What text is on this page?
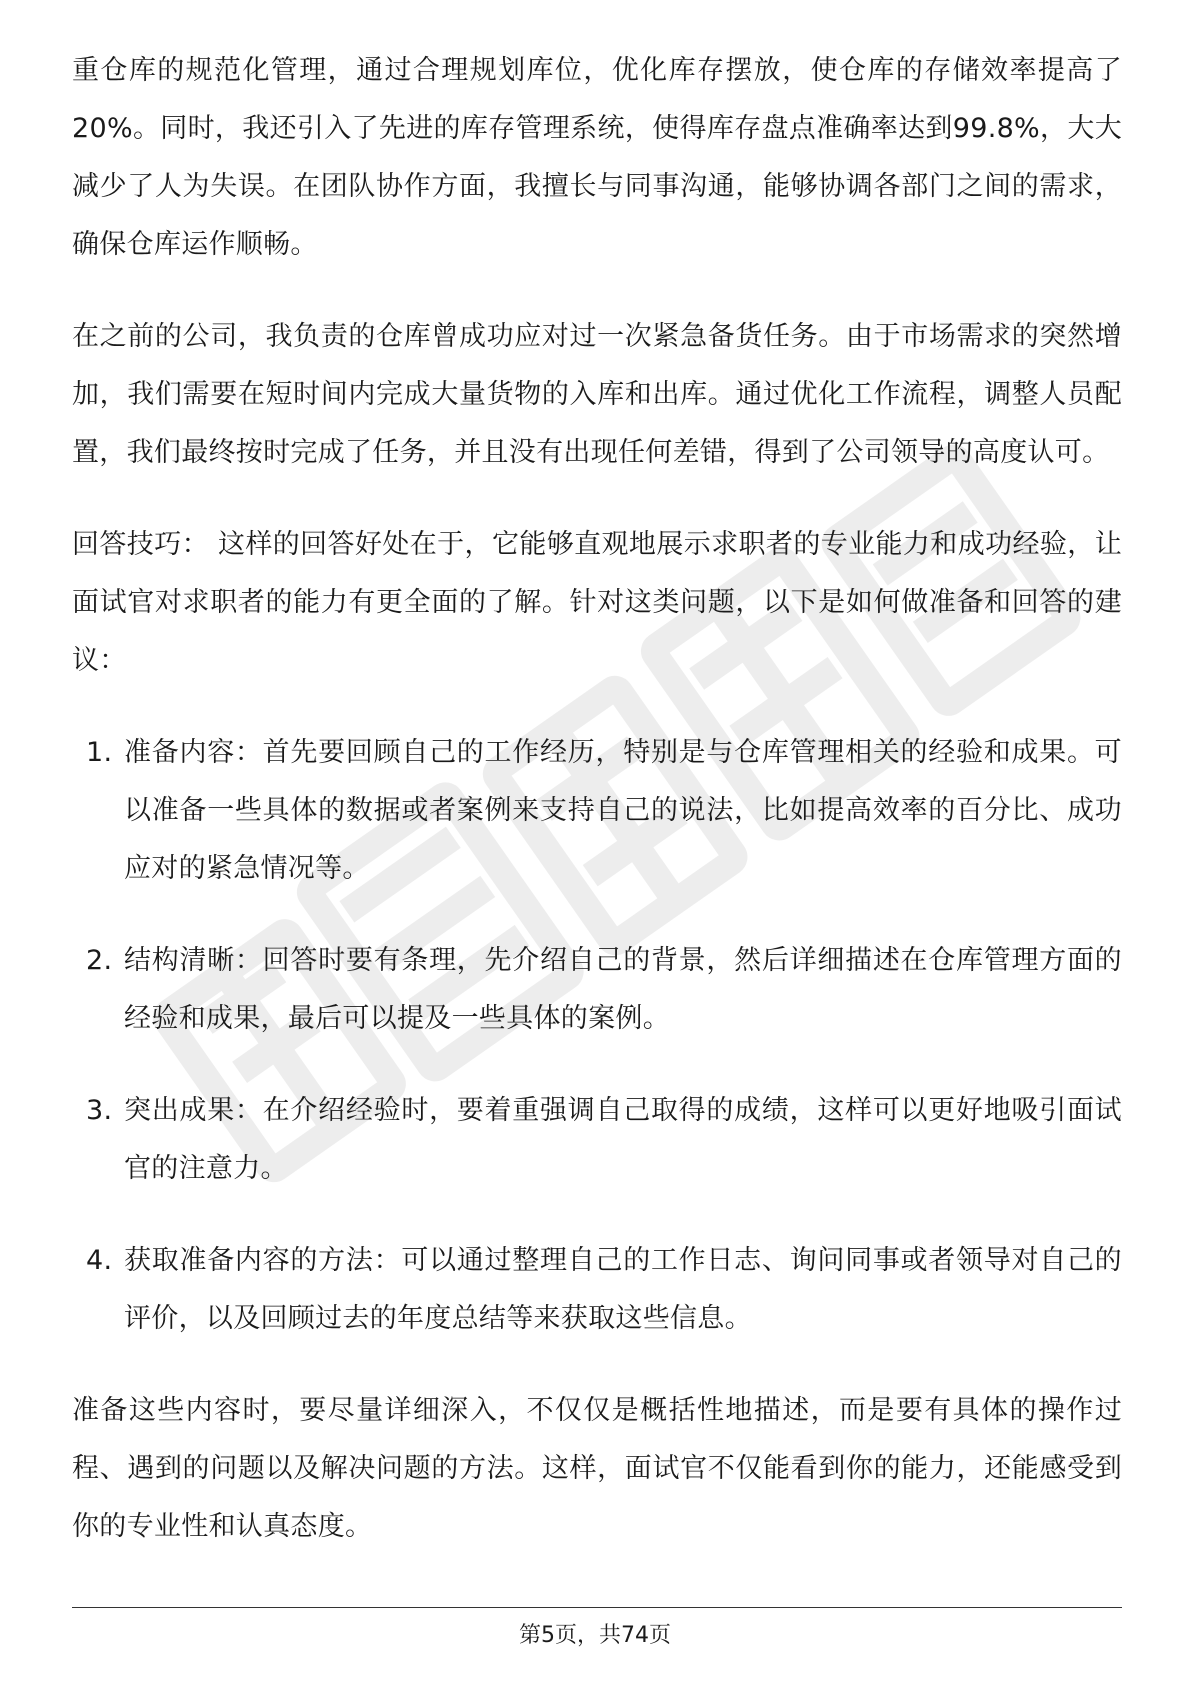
重仓库的规范化管理，通过合理规划库位，优化库存摆放，使仓库的存储效率提高了20%。同时，我还引入了先进的库存管理系统，使得库存盘点准确率达到99.8%，大大减少了人为失误。在团队协作方面，我擅长与同事沟通，能够协调各部门之间的需求，确保仓库运作顺畅。

在之前的公司，我负责的仓库曾成功应对过一次紧急备货任务。由于市场需求的突然增加，我们需要在短时间内完成大量货物的入库和出库。通过优化工作流程，调整人员配置，我们最终按时完成了任务，并且没有出现任何差错，得到了公司领导的高度认可。

回答技巧： 这样的回答好处在于，它能够直观地展示求职者的专业能力和成功经验，让面试官对求职者的能力有更全面的了解。针对这类问题，以下是如何做准备和回答的建议：

1. 准备内容：首先要回顾自己的工作经历，特别是与仓库管理相关的经验和成果。可以准备一些具体的数据或者案例来支持自己的说法，比如提高效率的百分比、成功应对的紧急情况等。
2. 结构清晰：回答时要有条理，先介绍自己的背景，然后详细描述在仓库管理方面的经验和成果，最后可以提及一些具体的案例。
3. 突出成果：在介绍经验时，要着重强调自己取得的成绩，这样可以更好地吸引面试官的注意力。
4. 获取准备内容的方法：可以通过整理自己的工作日志、询问同事或者领导对自己的评价，以及回顾过去的年度总结等来获取这些信息。

准备这些内容时，要尽量详细深入，不仅仅是概括性地描述，而是要有具体的操作过程、遇到的问题以及解决问题的方法。这样，面试官不仅能看到你的能力，还能感受到你的专业性和认真态度。

第5页，共74页
